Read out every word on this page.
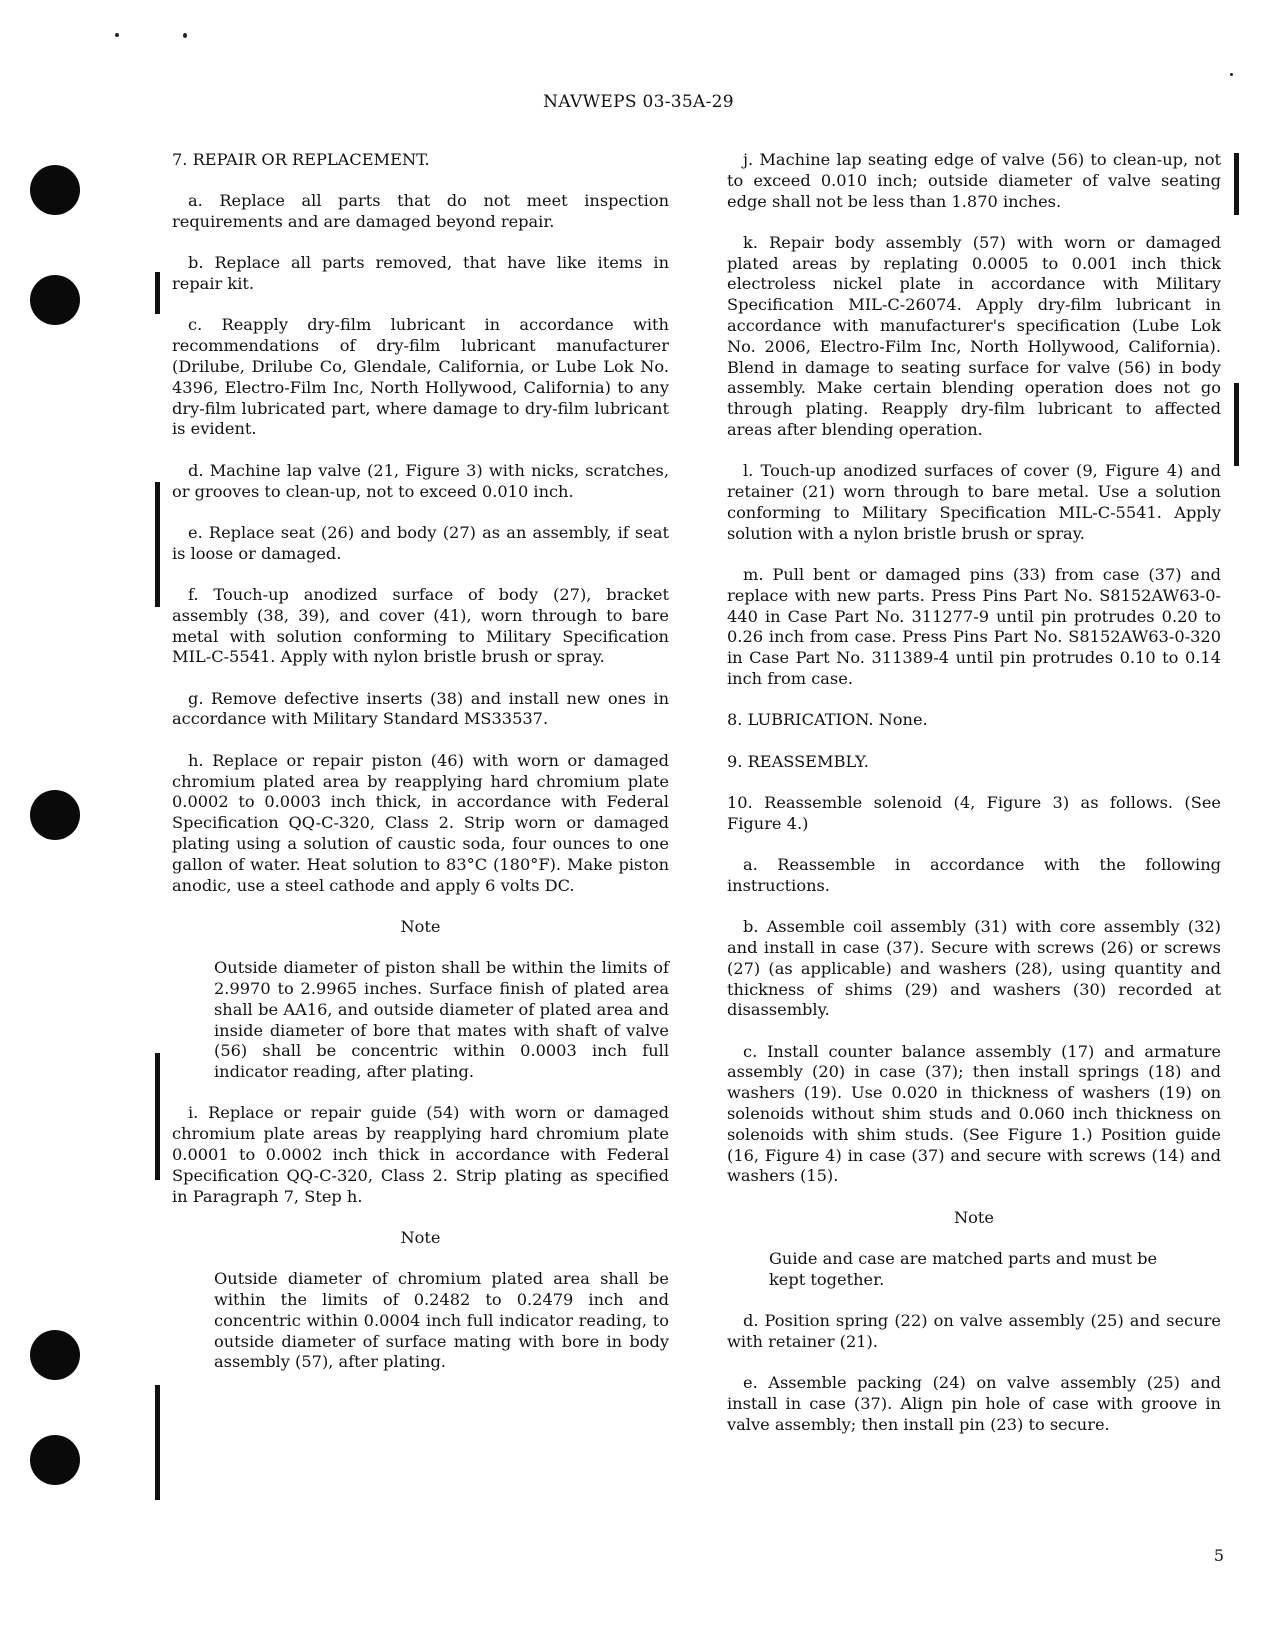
NAVWEPS 03-35A-29

7. REPAIR OR REPLACEMENT.

a. Replace all parts that do not meet inspection requirements and are damaged beyond repair.

b. Replace all parts removed, that have like items in repair kit.

c. Reapply dry-film lubricant in accordance with recommendations of dry-film lubricant manufacturer (Drilube, Drilube Co, Glendale, California, or Lube Lok No. 4396, Electro-Film Inc, North Hollywood, California) to any dry-film lubricated part, where damage to dry-film lubricant is evident.

d. Machine lap valve (21, Figure 3) with nicks, scratches, or grooves to clean-up, not to exceed 0.010 inch.

e. Replace seat (26) and body (27) as an assembly, if seat is loose or damaged.

f. Touch-up anodized surface of body (27), bracket assembly (38, 39), and cover (41), worn through to bare metal with solution conforming to Military Specification MIL-C-5541. Apply with nylon bristle brush or spray.

g. Remove defective inserts (38) and install new ones in accordance with Military Standard MS33537.

h. Replace or repair piston (46) with worn or damaged chromium plated area by reapplying hard chromium plate 0.0002 to 0.0003 inch thick, in accordance with Federal Specification QQ-C-320, Class 2. Strip worn or damaged plating using a solution of caustic soda, four ounces to one gallon of water. Heat solution to 83°C (180°F). Make piston anodic, use a steel cathode and apply 6 volts DC.

Note

Outside diameter of piston shall be within the limits of 2.9970 to 2.9965 inches. Surface finish of plated area shall be AA16, and outside diameter of plated area and inside diameter of bore that mates with shaft of valve (56) shall be concentric within 0.0003 inch full indicator reading, after plating.

i. Replace or repair guide (54) with worn or damaged chromium plate areas by reapplying hard chromium plate 0.0001 to 0.0002 inch thick in accordance with Federal Specification QQ-C-320, Class 2. Strip plating as specified in Paragraph 7, Step h.

Note

Outside diameter of chromium plated area shall be within the limits of 0.2482 to 0.2479 inch and concentric within 0.0004 inch full indicator reading, to outside diameter of surface mating with bore in body assembly (57), after plating.

j. Machine lap seating edge of valve (56) to clean-up, not to exceed 0.010 inch; outside diameter of valve seating edge shall not be less than 1.870 inches.

k. Repair body assembly (57) with worn or damaged plated areas by replating 0.0005 to 0.001 inch thick electroless nickel plate in accordance with Military Specification MIL-C-26074. Apply dry-film lubricant in accordance with manufacturer's specification (Lube Lok No. 2006, Electro-Film Inc, North Hollywood, California). Blend in damage to seating surface for valve (56) in body assembly. Make certain blending operation does not go through plating. Reapply dry-film lubricant to affected areas after blending operation.

l. Touch-up anodized surfaces of cover (9, Figure 4) and retainer (21) worn through to bare metal. Use a solution conforming to Military Specification MIL-C-5541. Apply solution with a nylon bristle brush or spray.

m. Pull bent or damaged pins (33) from case (37) and replace with new parts. Press Pins Part No. S8152AW63-0-440 in Case Part No. 311277-9 until pin protrudes 0.20 to 0.26 inch from case. Press Pins Part No. S8152AW63-0-320 in Case Part No. 311389-4 until pin protrudes 0.10 to 0.14 inch from case.

8. LUBRICATION. None.

9. REASSEMBLY.

10. Reassemble solenoid (4, Figure 3) as follows. (See Figure 4.)

a. Reassemble in accordance with the following instructions.

b. Assemble coil assembly (31) with core assembly (32) and install in case (37). Secure with screws (26) or screws (27) (as applicable) and washers (28), using quantity and thickness of shims (29) and washers (30) recorded at disassembly.

c. Install counter balance assembly (17) and armature assembly (20) in case (37); then install springs (18) and washers (19). Use 0.020 in thickness of washers (19) on solenoids without shim studs and 0.060 inch thickness on solenoids with shim studs. (See Figure 1.) Position guide (16, Figure 4) in case (37) and secure with screws (14) and washers (15).

Note

Guide and case are matched parts and must be kept together.

d. Position spring (22) on valve assembly (25) and secure with retainer (21).

e. Assemble packing (24) on valve assembly (25) and install in case (37). Align pin hole of case with groove in valve assembly; then install pin (23) to secure.

5
